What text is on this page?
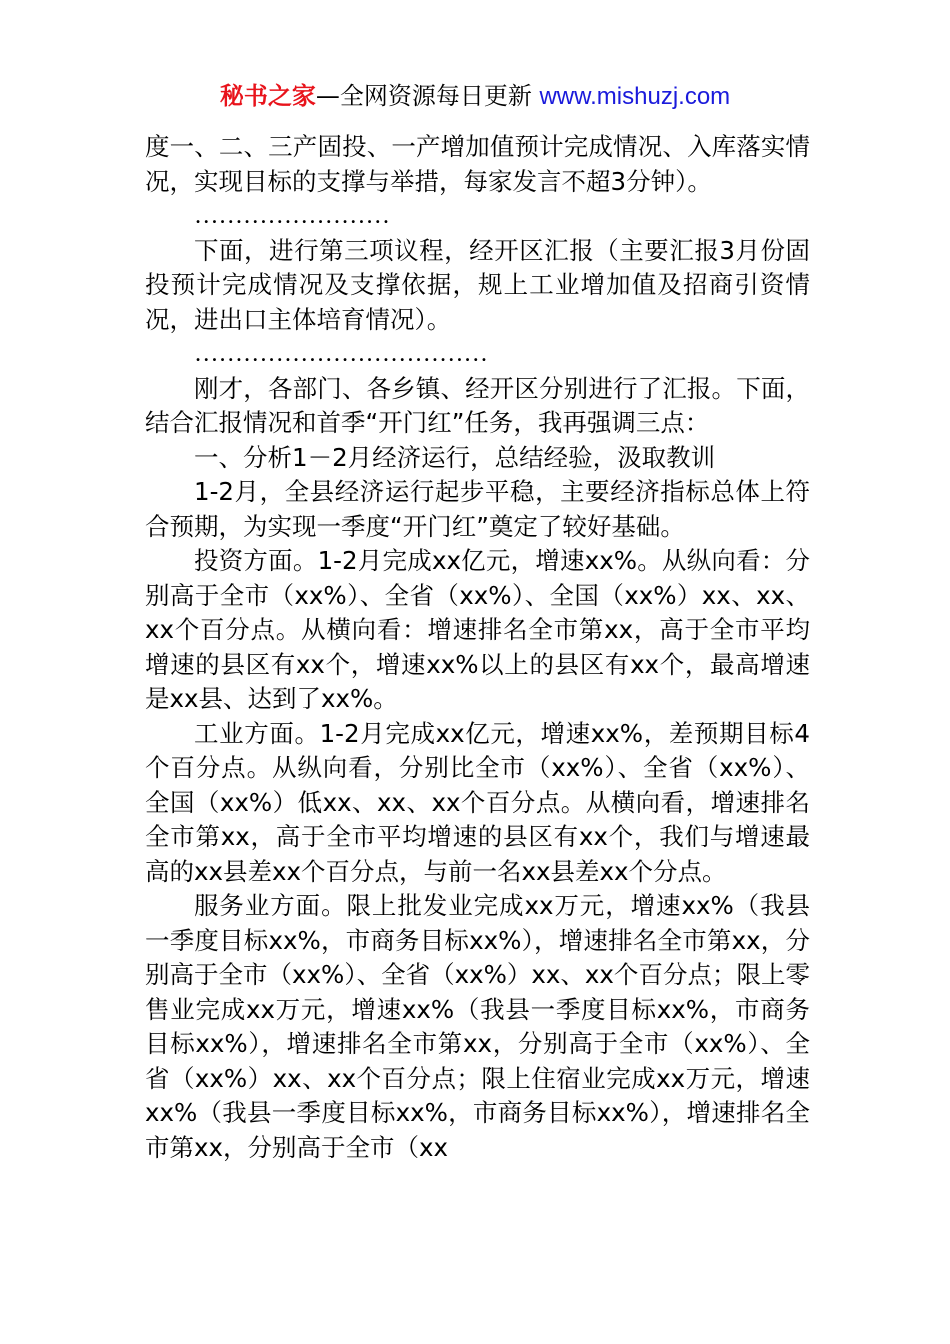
秘书之家—全网资源每日更新 www.mishuzj.com

度一、二、三产固投、一产增加值预计完成情况、入库落实情况，实现目标的支撑与举措，每家发言不超3分钟）。

……………………

下面，进行第三项议程，经开区汇报（主要汇报3月份固投预计完成情况及支撑依据，规上工业增加值及招商引资情况，进出口主体培育情况）。

………………………………

刚才，各部门、各乡镇、经开区分别进行了汇报。下面，结合汇报情况和首季“开门红”任务，我再强调三点：

一、分析1－2月经济运行，总结经验，汲取教训

1-2月，全县经济运行起步平稳，主要经济指标总体上符合预期，为实现一季度“开门红”奠定了较好基础。

投资方面。1-2月完成xx亿元，增速xx%。从纵向看：分别高于全市（xx%）、全省（xx%）、全国（xx%）xx、xx、xx个百分点。从横向看：增速排名全市第xx，高于全市平均增速的县区有xx个，增速xx%以上的县区有xx个，最高增速是xx县、达到了xx%。

工业方面。1-2月完成xx亿元，增速xx%，差预期目标4个百分点。从纵向看，分别比全市（xx%）、全省（xx%）、全国（xx%）低xx、xx、xx个百分点。从横向看，增速排名全市第xx，高于全市平均增速的县区有xx个，我们与增速最高的xx县差xx个百分点，与前一名xx县差xx个分点。

服务业方面。限上批发业完成xx万元，增速xx%（我县一季度目标xx%，市商务目标xx%），增速排名全市第xx，分别高于全市（xx%）、全省（xx%）xx、xx个百分点；限上零售业完成xx万元，增速xx%（我县一季度目标xx%，市商务目标xx%），增速排名全市第xx，分别高于全市（xx%）、全省（xx%）xx、xx个百分点；限上住宿业完成xx万元，增速xx%（我县一季度目标xx%，市商务目标xx%），增速排名全市第xx，分别高于全市（xx
